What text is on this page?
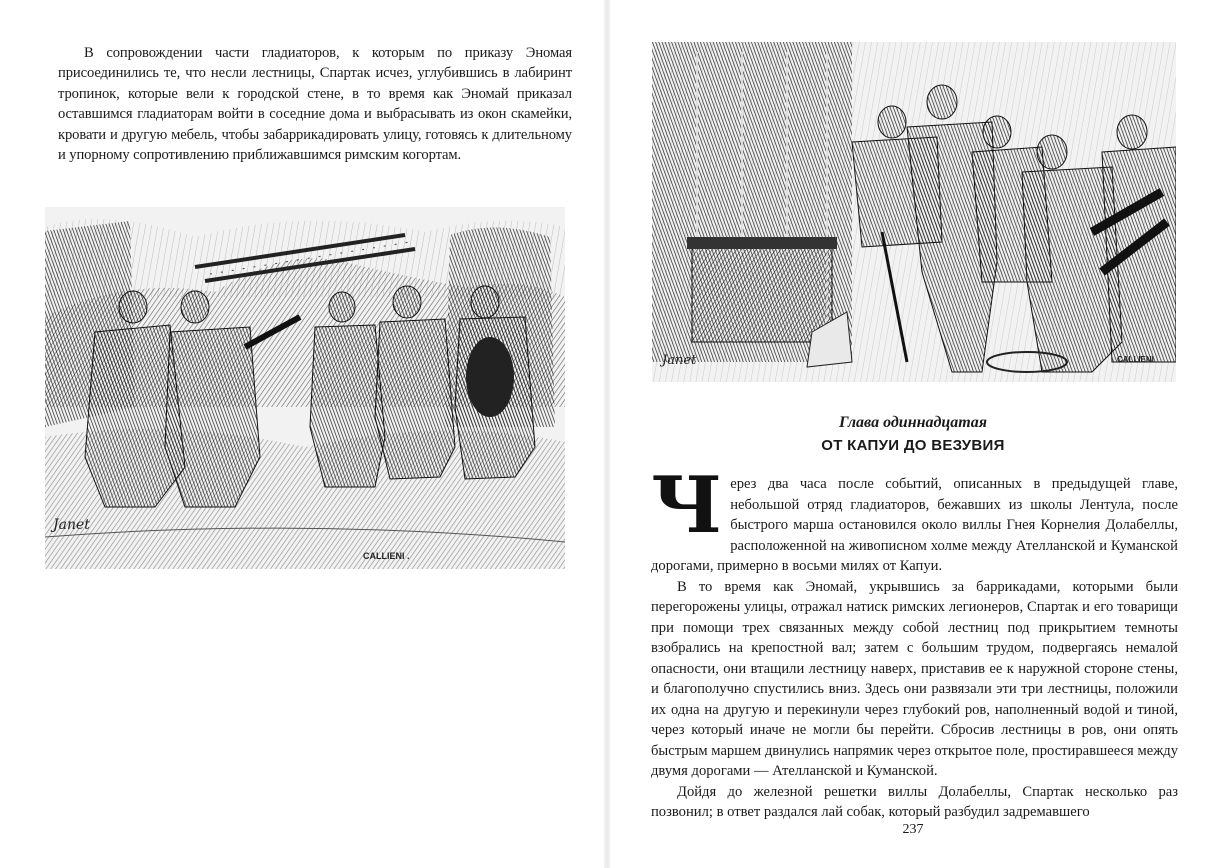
В сопровождении части гладиаторов, к которым по приказу Эномая присоединились те, что несли лестницы, Спартак исчез, углубившись в лабиринт тропинок, которые вели к городской стене, в то время как Эномай приказал оставшимся гладиаторам войти в соседние дома и выбрасывать из окон скамейки, кровати и другую мебель, чтобы забаррикадировать улицу, готовясь к длительному и упорному сопротивлению приближавшимся римским когортам.

Janet
CALLIENI .
Janet	CALLIENI

Глава одиннадцатая

ОТ КАПУИ ДО ВЕЗУВИЯ

Через два часа после событий, описанных в предыдущей главе, небольшой отряд гладиаторов, бежавших из школы Лентула, после быстрого марша остановился около виллы Гнея Корнелия Долабеллы, расположенной на живописном холме между Ателланской и Куманской дорогами, примерно в восьми милях от Капуи.

В то время как Эномай, укрывшись за баррикадами, которыми были перегорожены улицы, отражал натиск римских легионеров, Спартак и его товарищи при помощи трех связанных между собой лестниц под прикрытием темноты взобрались на крепостной вал; затем с большим трудом, подвергаясь немалой опасности, они втащили лестницу наверх, приставив ее к наружной стороне стены, и благополучно спустились вниз. Здесь они развязали эти три лестницы, положили их одна на другую и перекинули через глубокий ров, наполненный водой и тиной, через который иначе не могли бы перейти. Сбросив лестницы в ров, они опять быстрым маршем двинулись напрямик через открытое поле, простиравшееся между двумя дорогами — Ателланской и Куманской.

Дойдя до железной решетки виллы Долабеллы, Спартак несколько раз позвонил; в ответ раздался лай собак, который разбудил задремавшего

237
